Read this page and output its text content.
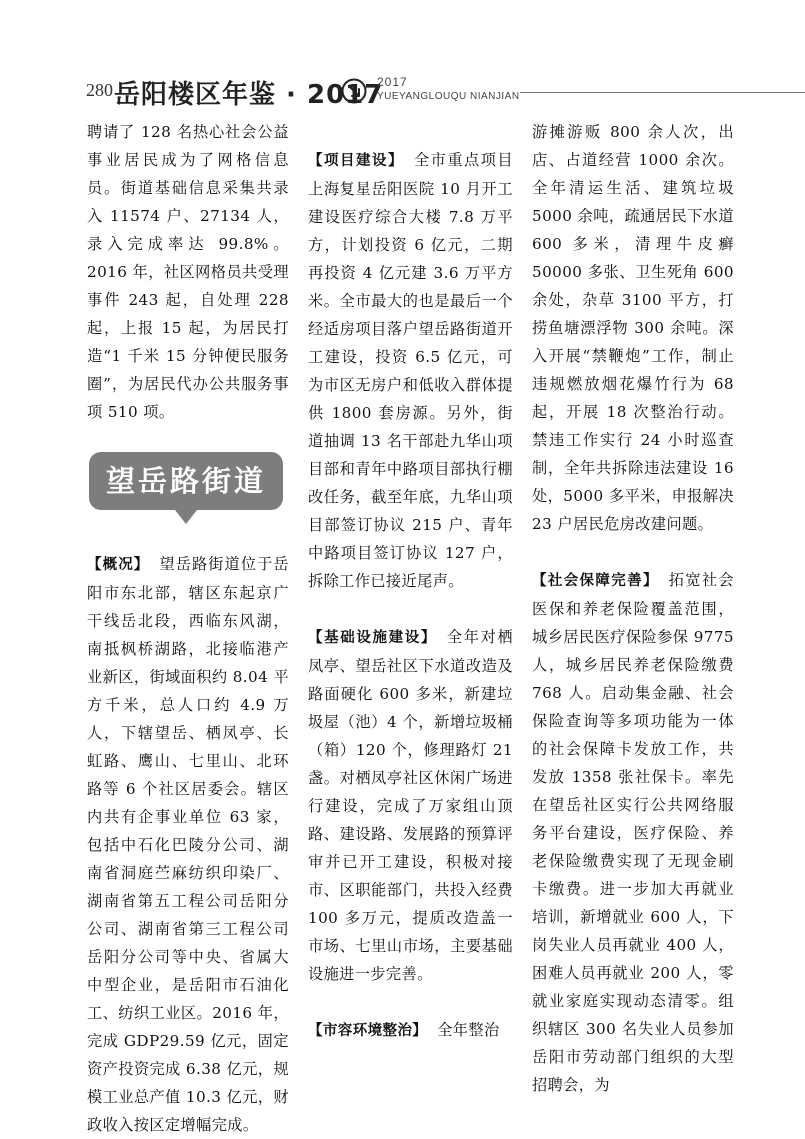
280 岳阳楼区年鉴 · 2017
2017
YUEYANGLOUQU NIANJIAN

聘请了 128 名热心社会公益事业居民成为了网格信息员。街道基础信息采集共录入 11574 户、27134 人，录入完成率达 99.8%。2016 年，社区网格员共受理事件 243 起，自处理 228 起，上报 15 起，为居民打造“1 千米 15 分钟便民服务圈”，为居民代办公共服务事项 510 项。

望岳路街道

【概况】 望岳路街道位于岳阳市东北部，辖区东起京广干线岳北段，西临东风湖，南抵枫桥湖路，北接临港产业新区，街域面积约 8.04 平方千米，总人口约 4.9 万人，下辖望岳、栖凤亭、长虹路、鹰山、七里山、北环路等 6 个社区居委会。辖区内共有企事业单位 63 家，包括中石化巴陵分公司、湖南省洞庭苎麻纺织印染厂、湖南省第五工程公司岳阳分公司、湖南省第三工程公司岳阳分公司等中央、省属大中型企业，是岳阳市石油化工、纺织工业区。2016 年，完成 GDP29.59 亿元，固定资产投资完成 6.38 亿元，规模工业总产值 10.3 亿元，财政收入按区定增幅完成。

【项目建设】 全市重点项目上海复星岳阳医院 10 月开工建设医疗综合大楼 7.8 万平方，计划投资 6 亿元，二期再投资 4 亿元建 3.6 万平方米。全市最大的也是最后一个经适房项目落户望岳路街道开工建设，投资 6.5 亿元，可为市区无房户和低收入群体提供 1800 套房源。另外，街道抽调 13 名干部赴九华山项目部和青年中路项目部执行棚改任务，截至年底，九华山项目部签订协议 215 户、青年中路项目签订协议 127 户，拆除工作已接近尾声。

【基础设施建设】 全年对栖凤亭、望岳社区下水道改造及路面硬化 600 多米，新建垃圾屋（池）4 个，新增垃圾桶（箱）120 个，修理路灯 21 盏。对栖凤亭社区休闲广场进行建设，完成了万家组山顶路、建设路、发展路的预算评审并已开工建设，积极对接市、区职能部门，共投入经费 100 多万元，提质改造盖一市场、七里山市场，主要基础设施进一步完善。

【市容环境整治】 全年整治

游摊游贩 800 余人次，出店、占道经营 1000 余次。全年清运生活、建筑垃圾 5000 余吨，疏通居民下水道 600 多米，清理牛皮癣 50000 多张、卫生死角 600 余处，杂草 3100 平方，打捞鱼塘漂浮物 300 余吨。深入开展“禁鞭炮”工作，制止违规燃放烟花爆竹行为 68 起，开展 18 次整治行动。禁违工作实行 24 小时巡查制，全年共拆除违法建设 16 处，5000 多平米，申报解决 23 户居民危房改建问题。

【社会保障完善】 拓宽社会医保和养老保险覆盖范围，城乡居民医疗保险参保 9775 人，城乡居民养老保险缴费 768 人。启动集金融、社会保险查询等多项功能为一体的社会保障卡发放工作，共发放 1358 张社保卡。率先在望岳社区实行公共网络服务平台建设，医疗保险、养老保险缴费实现了无现金刷卡缴费。进一步加大再就业培训，新增就业 600 人，下岗失业人员再就业 400 人，困难人员再就业 200 人，零就业家庭实现动态清零。组织辖区 300 名失业人员参加岳阳市劳动部门组织的大型招聘会，为
